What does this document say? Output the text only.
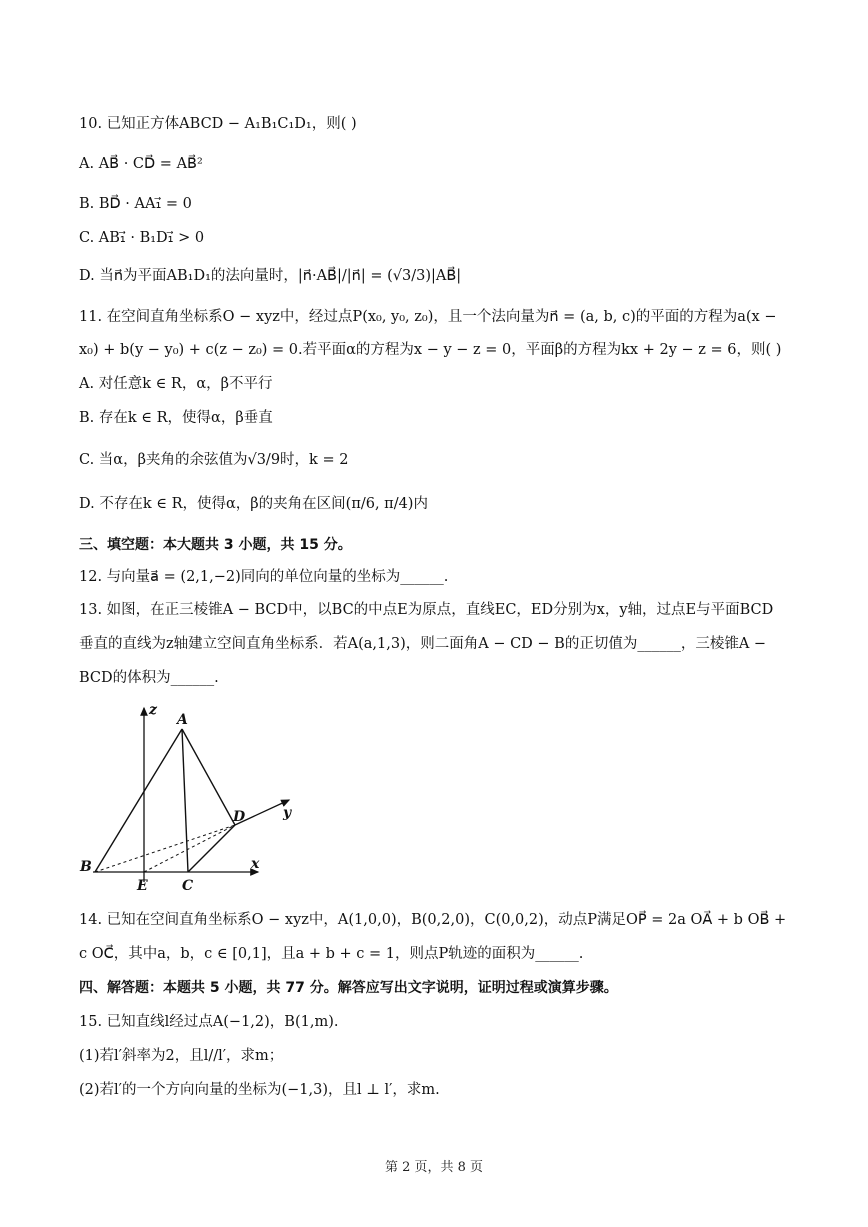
10. 已知正方体ABCD − A₁B₁C₁D₁，则( )
A. AB⃗ · CD⃗ = AB⃗²
B. BD⃗ · AA₁⃗ = 0
C. AB₁⃗ · B₁D₁⃗ > 0
D. 当n⃗为平面AB₁D₁的法向量时，|n⃗·AB⃗|/|n⃗| = (√3/3)|AB⃗|
11. 在空间直角坐标系O − xyz中，经过点P(x₀, y₀, z₀)，且一个法向量为n⃗ = (a, b, c)的平面的方程为a(x −
x₀) + b(y − y₀) + c(z − z₀) = 0.若平面α的方程为x − y − z = 0，平面β的方程为kx + 2y − z = 6，则( )
A. 对任意k ∈ R，α，β不平行
B. 存在k ∈ R，使得α，β垂直
C. 当α，β夹角的余弦值为√3/9时，k = 2
D. 不存在k ∈ R，使得α，β的夹角在区间(π/6, π/4)内
三、填空题：本大题共 3 小题，共 15 分。
12. 与向量a⃗ = (2,1,−2)同向的单位向量的坐标为______.
13. 如图，在正三棱锥A − BCD中，以BC的中点E为原点，直线EC，ED分别为x，y轴，过点E与平面BCD
垂直的直线为z轴建立空间直角坐标系．若A(a,1,3)，则二面角A − CD − B的正切值为______，三棱锥A −
BCD的体积为______.
z
A
D	y
x
B
E C
14. 已知在空间直角坐标系O − xyz中，A(1,0,0)，B(0,2,0)，C(0,0,2)，动点P满足OP⃗ = 2a OA⃗ + b OB⃗ +
c OC⃗，其中a，b，c ∈ [0,1]，且a + b + c = 1，则点P轨迹的面积为______.
四、解答题：本题共 5 小题，共 77 分。解答应写出文字说明，证明过程或演算步骤。
15. 已知直线l经过点A(−1,2)，B(1,m).
(1)若l′斜率为2，且l//l′，求m；
(2)若l′的一个方向向量的坐标为(−1,3)，且l ⊥ l′，求m.
第 2 页，共 8 页
